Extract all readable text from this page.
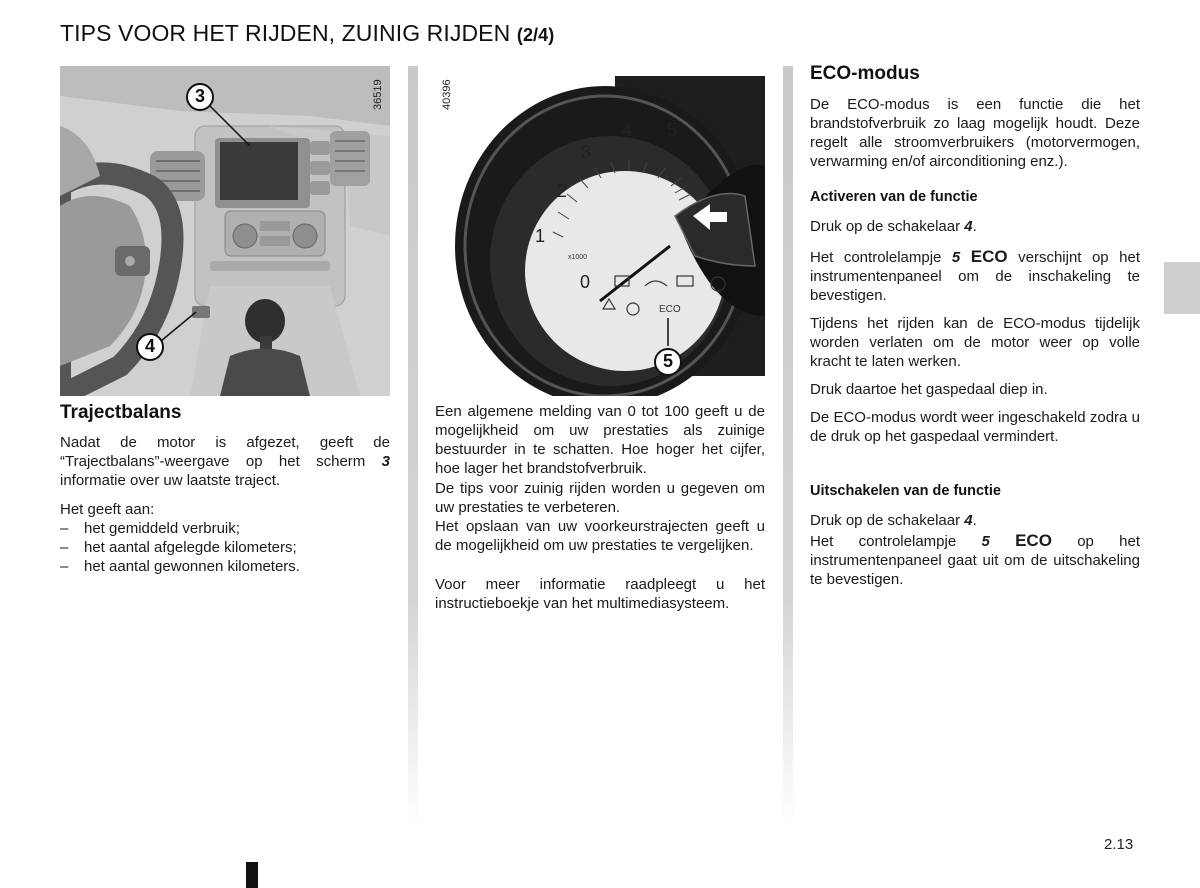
TIPS VOOR HET RIJDEN, ZUINIG RIJDEN (2/4)
3
4
36519
1
2
3
4 5
0
x1000
ECO
5
40396
Trajectbalans
Nadat de motor is afgezet, geeft de “Trajectbalans”-weergave op het scherm 3 informatie over uw laatste traject.
Het geeft aan:
– het gemiddeld verbruik;
– het aantal afgelegde kilometers;
– het aantal gewonnen kilometers.
Een algemene melding van 0 tot 100 geeft u de mogelijkheid om uw prestaties als zuinige bestuurder in te schatten. Hoe hoger het cijfer, hoe lager het brandstofverbruik.
De tips voor zuinig rijden worden u gegeven om uw prestaties te verbeteren.
Het opslaan van uw voorkeurstrajecten geeft u de mogelijkheid om uw prestaties te vergelijken.
Voor meer informatie raadpleegt u het instructieboekje van het multimediasysteem.
ECO-modus
De ECO-modus is een functie die het brandstofverbruik zo laag mogelijk houdt. Deze regelt alle stroomverbruikers (motorvermogen, verwarming en/of airconditioning enz.).
Activeren van de functie
Druk op de schakelaar 4.
Het controlelampje 5 ECO verschijnt op het instrumentenpaneel om de inschakeling te bevestigen.
Tijdens het rijden kan de ECO-modus tijdelijk worden verlaten om de motor weer op volle kracht te laten werken.
Druk daartoe het gaspedaal diep in.
De ECO-modus wordt weer ingeschakeld zodra u de druk op het gaspedaal vermindert.
Uitschakelen van de functie
Druk op de schakelaar 4.
Het controlelampje 5 ECO op het instrumentenpaneel gaat uit om de uitschakeling te bevestigen.
2.13
